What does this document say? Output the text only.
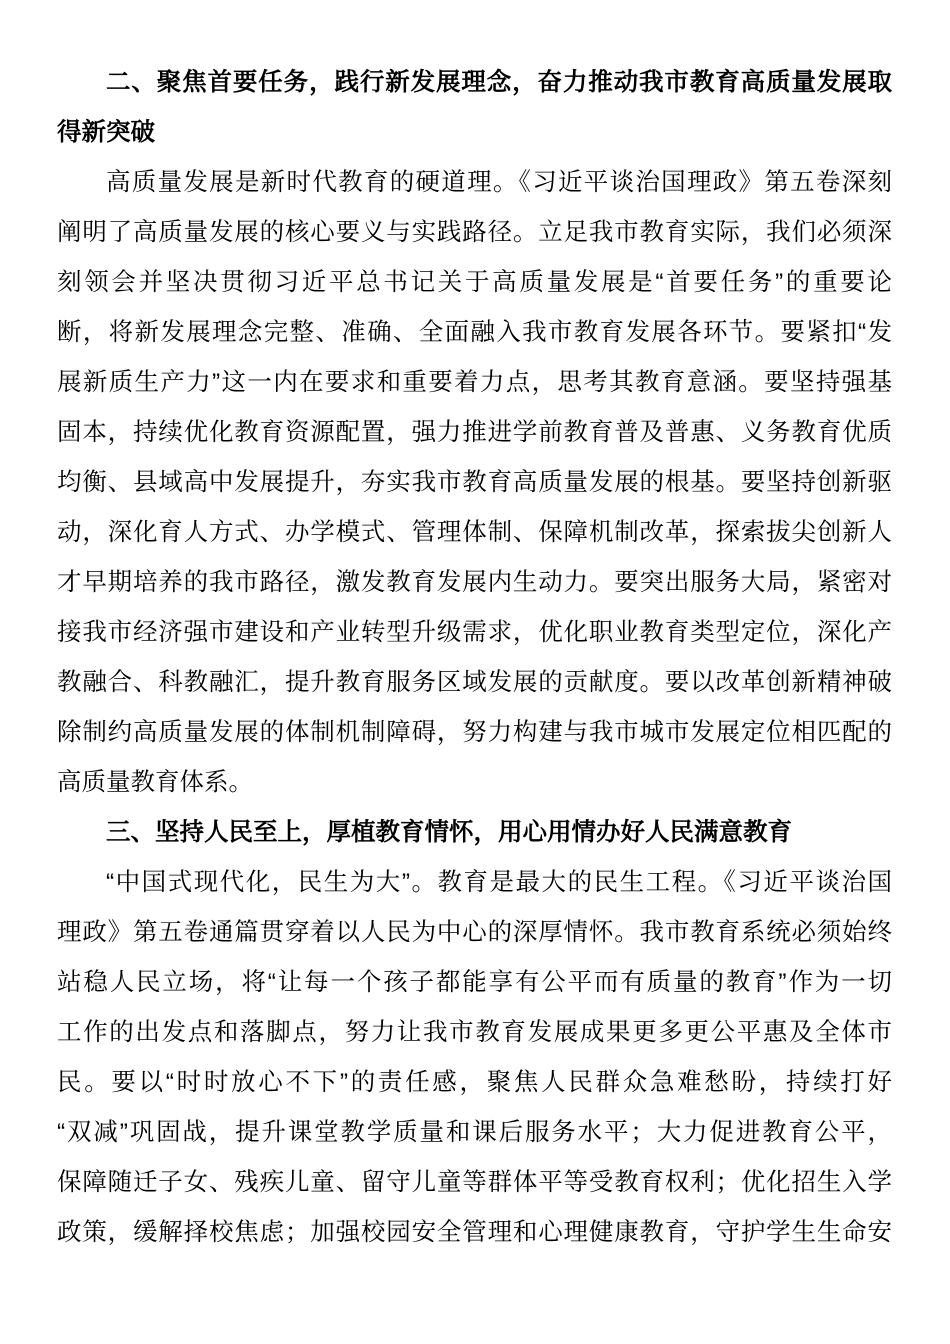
二、聚焦首要任务，践行新发展理念，奋力推动我市教育高质量发展取
得新突破
高质量发展是新时代教育的硬道理。《习近平谈治国理政》第五卷深刻
阐明了高质量发展的核心要义与实践路径。立足我市教育实际，我们必须深
刻领会并坚决贯彻习近平总书记关于高质量发展是“首要任务”的重要论
断，将新发展理念完整、准确、全面融入我市教育发展各环节。要紧扣“发
展新质生产力”这一内在要求和重要着力点，思考其教育意涵。要坚持强基
固本，持续优化教育资源配置，强力推进学前教育普及普惠、义务教育优质
均衡、县域高中发展提升，夯实我市教育高质量发展的根基。要坚持创新驱
动，深化育人方式、办学模式、管理体制、保障机制改革，探索拔尖创新人
才早期培养的我市路径，激发教育发展内生动力。要突出服务大局，紧密对
接我市经济强市建设和产业转型升级需求，优化职业教育类型定位，深化产
教融合、科教融汇，提升教育服务区域发展的贡献度。要以改革创新精神破
除制约高质量发展的体制机制障碍，努力构建与我市城市发展定位相匹配的
高质量教育体系。
三、坚持人民至上，厚植教育情怀，用心用情办好人民满意教育
“中国式现代化，民生为大”。教育是最大的民生工程。《习近平谈治国
理政》第五卷通篇贯穿着以人民为中心的深厚情怀。我市教育系统必须始终
站稳人民立场，将“让每一个孩子都能享有公平而有质量的教育”作为一切
工作的出发点和落脚点，努力让我市教育发展成果更多更公平惠及全体市
民。要以“时时放心不下”的责任感，聚焦人民群众急难愁盼，持续打好
“双减”巩固战，提升课堂教学质量和课后服务水平；大力促进教育公平，
保障随迁子女、残疾儿童、留守儿童等群体平等受教育权利；优化招生入学
政策，缓解择校焦虑；加强校园安全管理和心理健康教育，守护学生生命安
